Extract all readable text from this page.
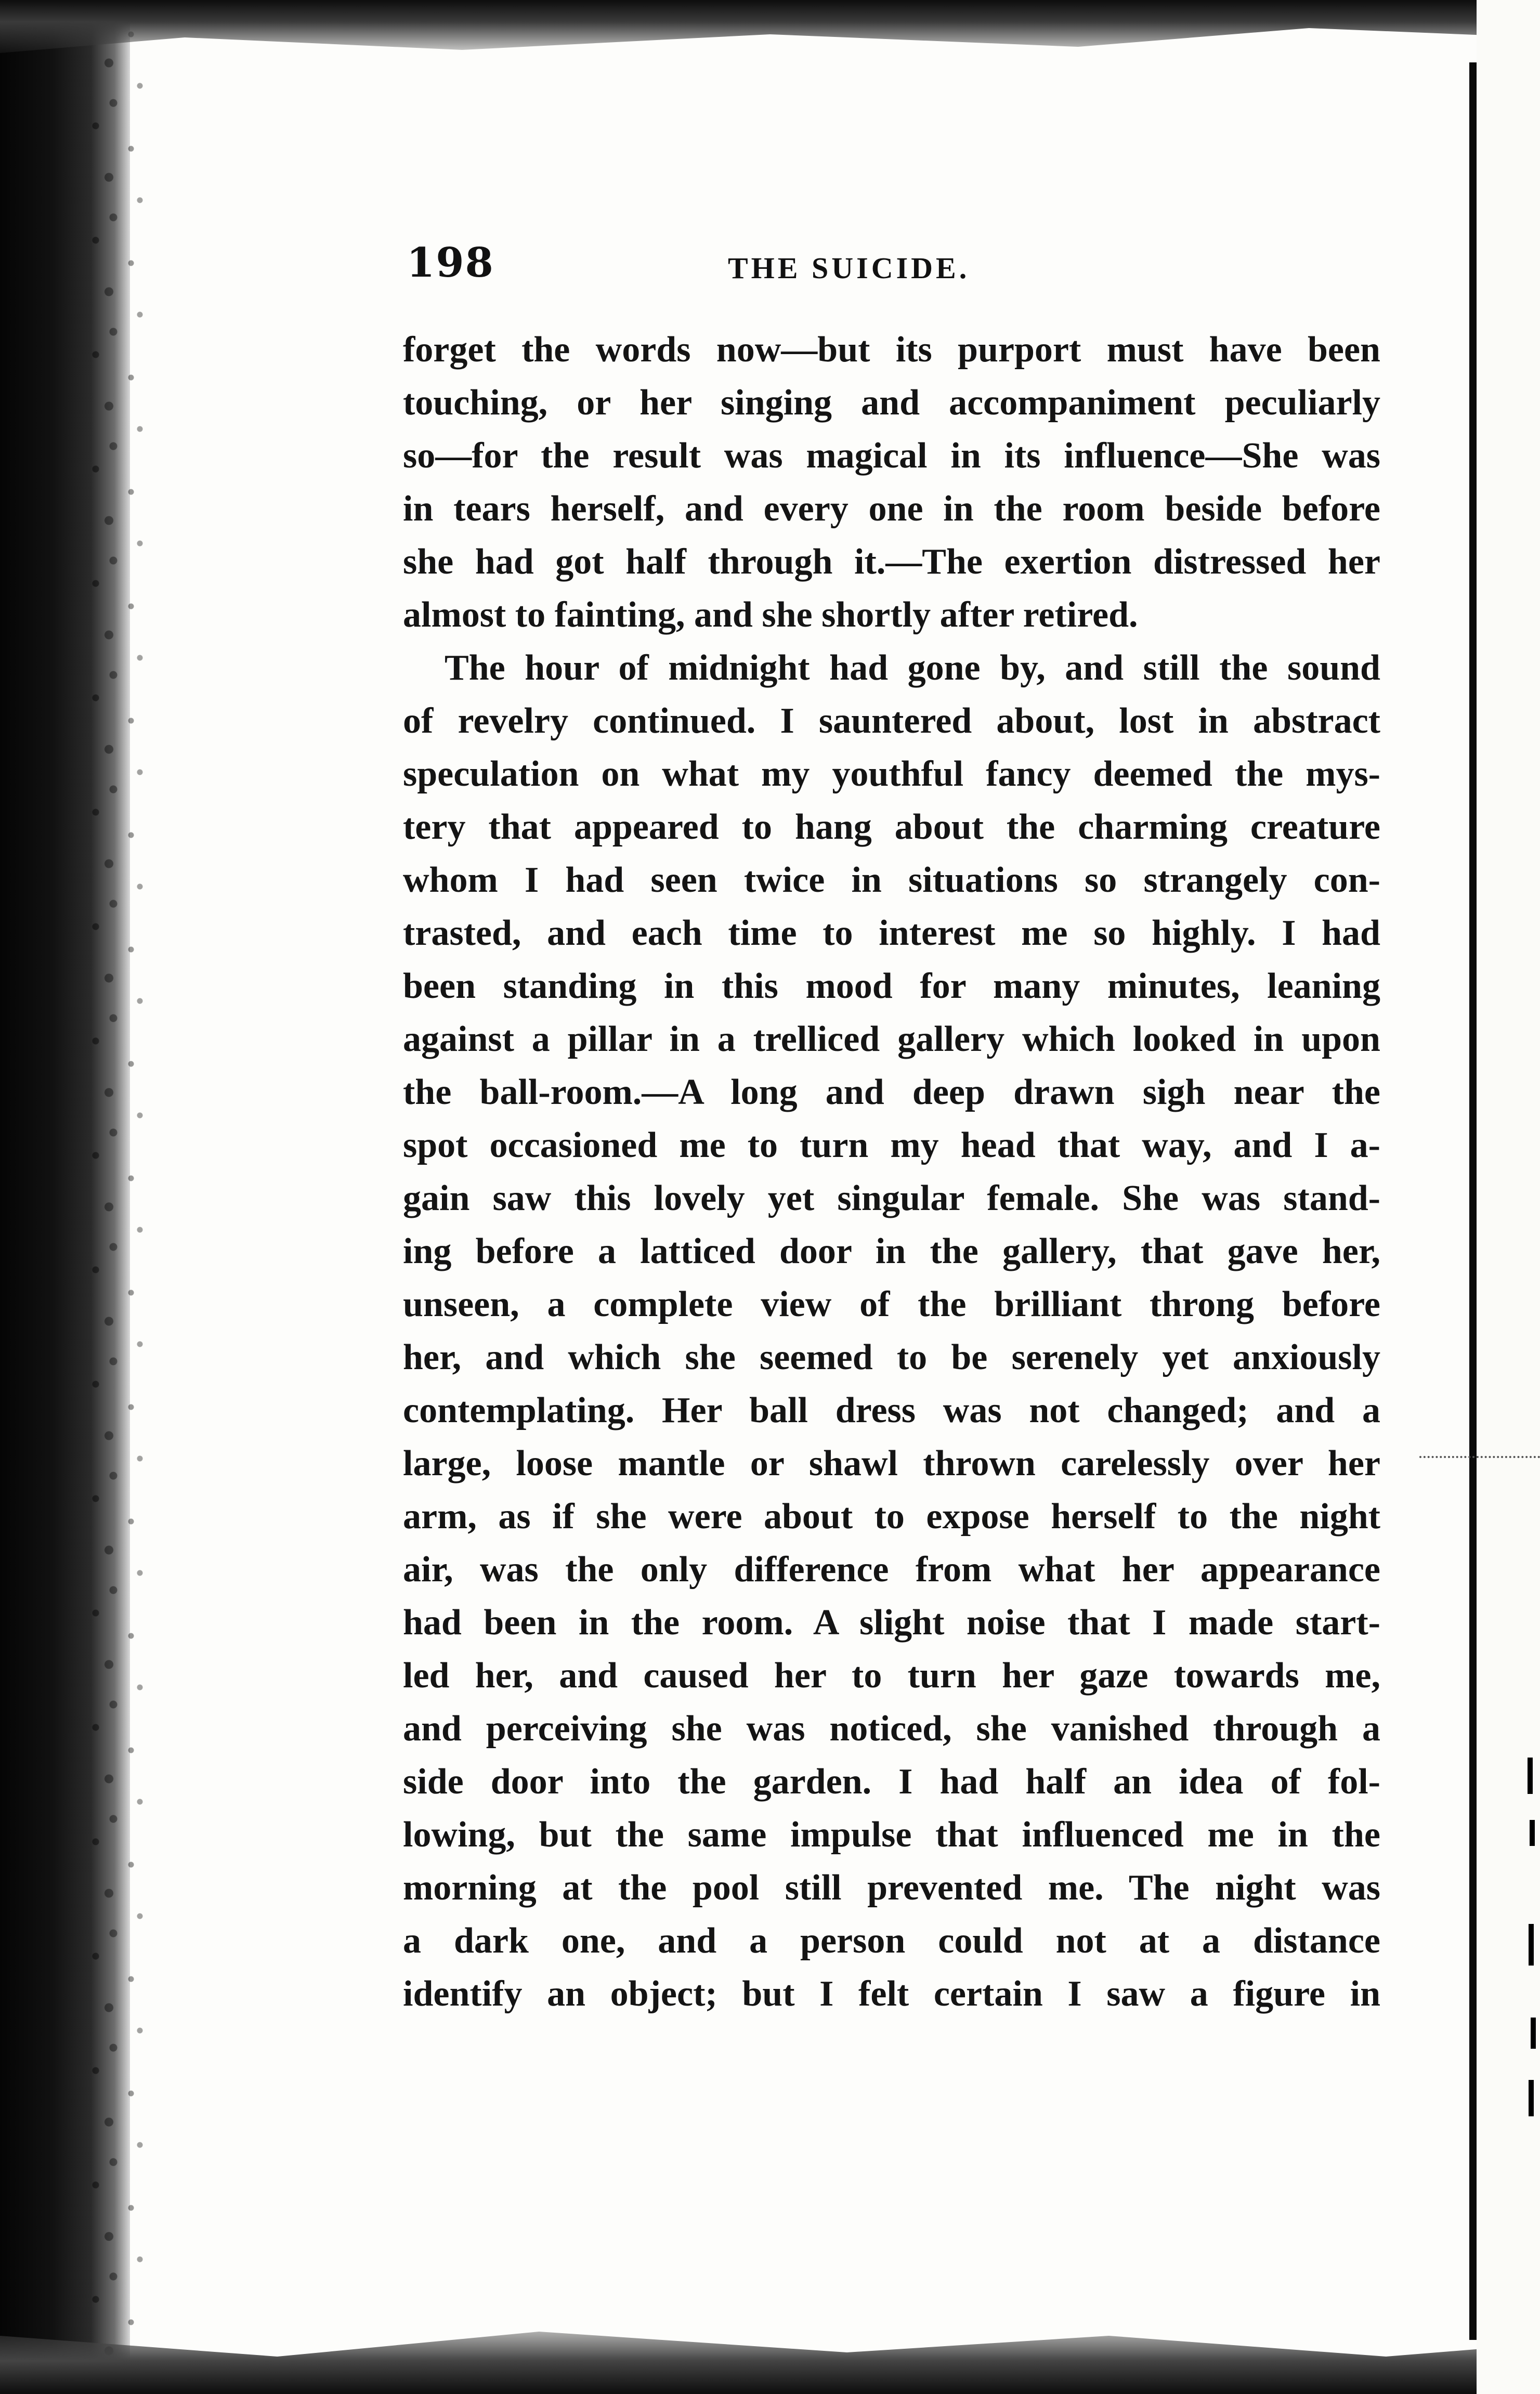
198	THE SUICIDE.
forget the words now—but its purport must have been
touching, or her singing and accompaniment peculiarly
so—for the result was magical in its influence—She was
in tears herself, and every one in the room beside before
she had got half through it.—The exertion distressed her
almost to fainting, and she shortly after retired.
The hour of midnight had gone by, and still the sound
of revelry continued. I sauntered about, lost in abstract
speculation on what my youthful fancy deemed the mys-
tery that appeared to hang about the charming creature
whom I had seen twice in situations so strangely con-
trasted, and each time to interest me so highly. I had
been standing in this mood for many minutes, leaning
against a pillar in a trelliced gallery which looked in upon
the ball-room.—A long and deep drawn sigh near the
spot occasioned me to turn my head that way, and I a-
gain saw this lovely yet singular female. She was stand-
ing before a latticed door in the gallery, that gave her,
unseen, a complete view of the brilliant throng before
her, and which she seemed to be serenely yet anxiously
contemplating. Her ball dress was not changed; and a
large, loose mantle or shawl thrown carelessly over her
arm, as if she were about to expose herself to the night
air, was the only difference from what her appearance
had been in the room. A slight noise that I made start-
led her, and caused her to turn her gaze towards me,
and perceiving she was noticed, she vanished through a
side door into the garden. I had half an idea of fol-
lowing, but the same impulse that influenced me in the
morning at the pool still prevented me. The night was
a dark one, and a person could not at a distance
identify an object; but I felt certain I saw a figure in
